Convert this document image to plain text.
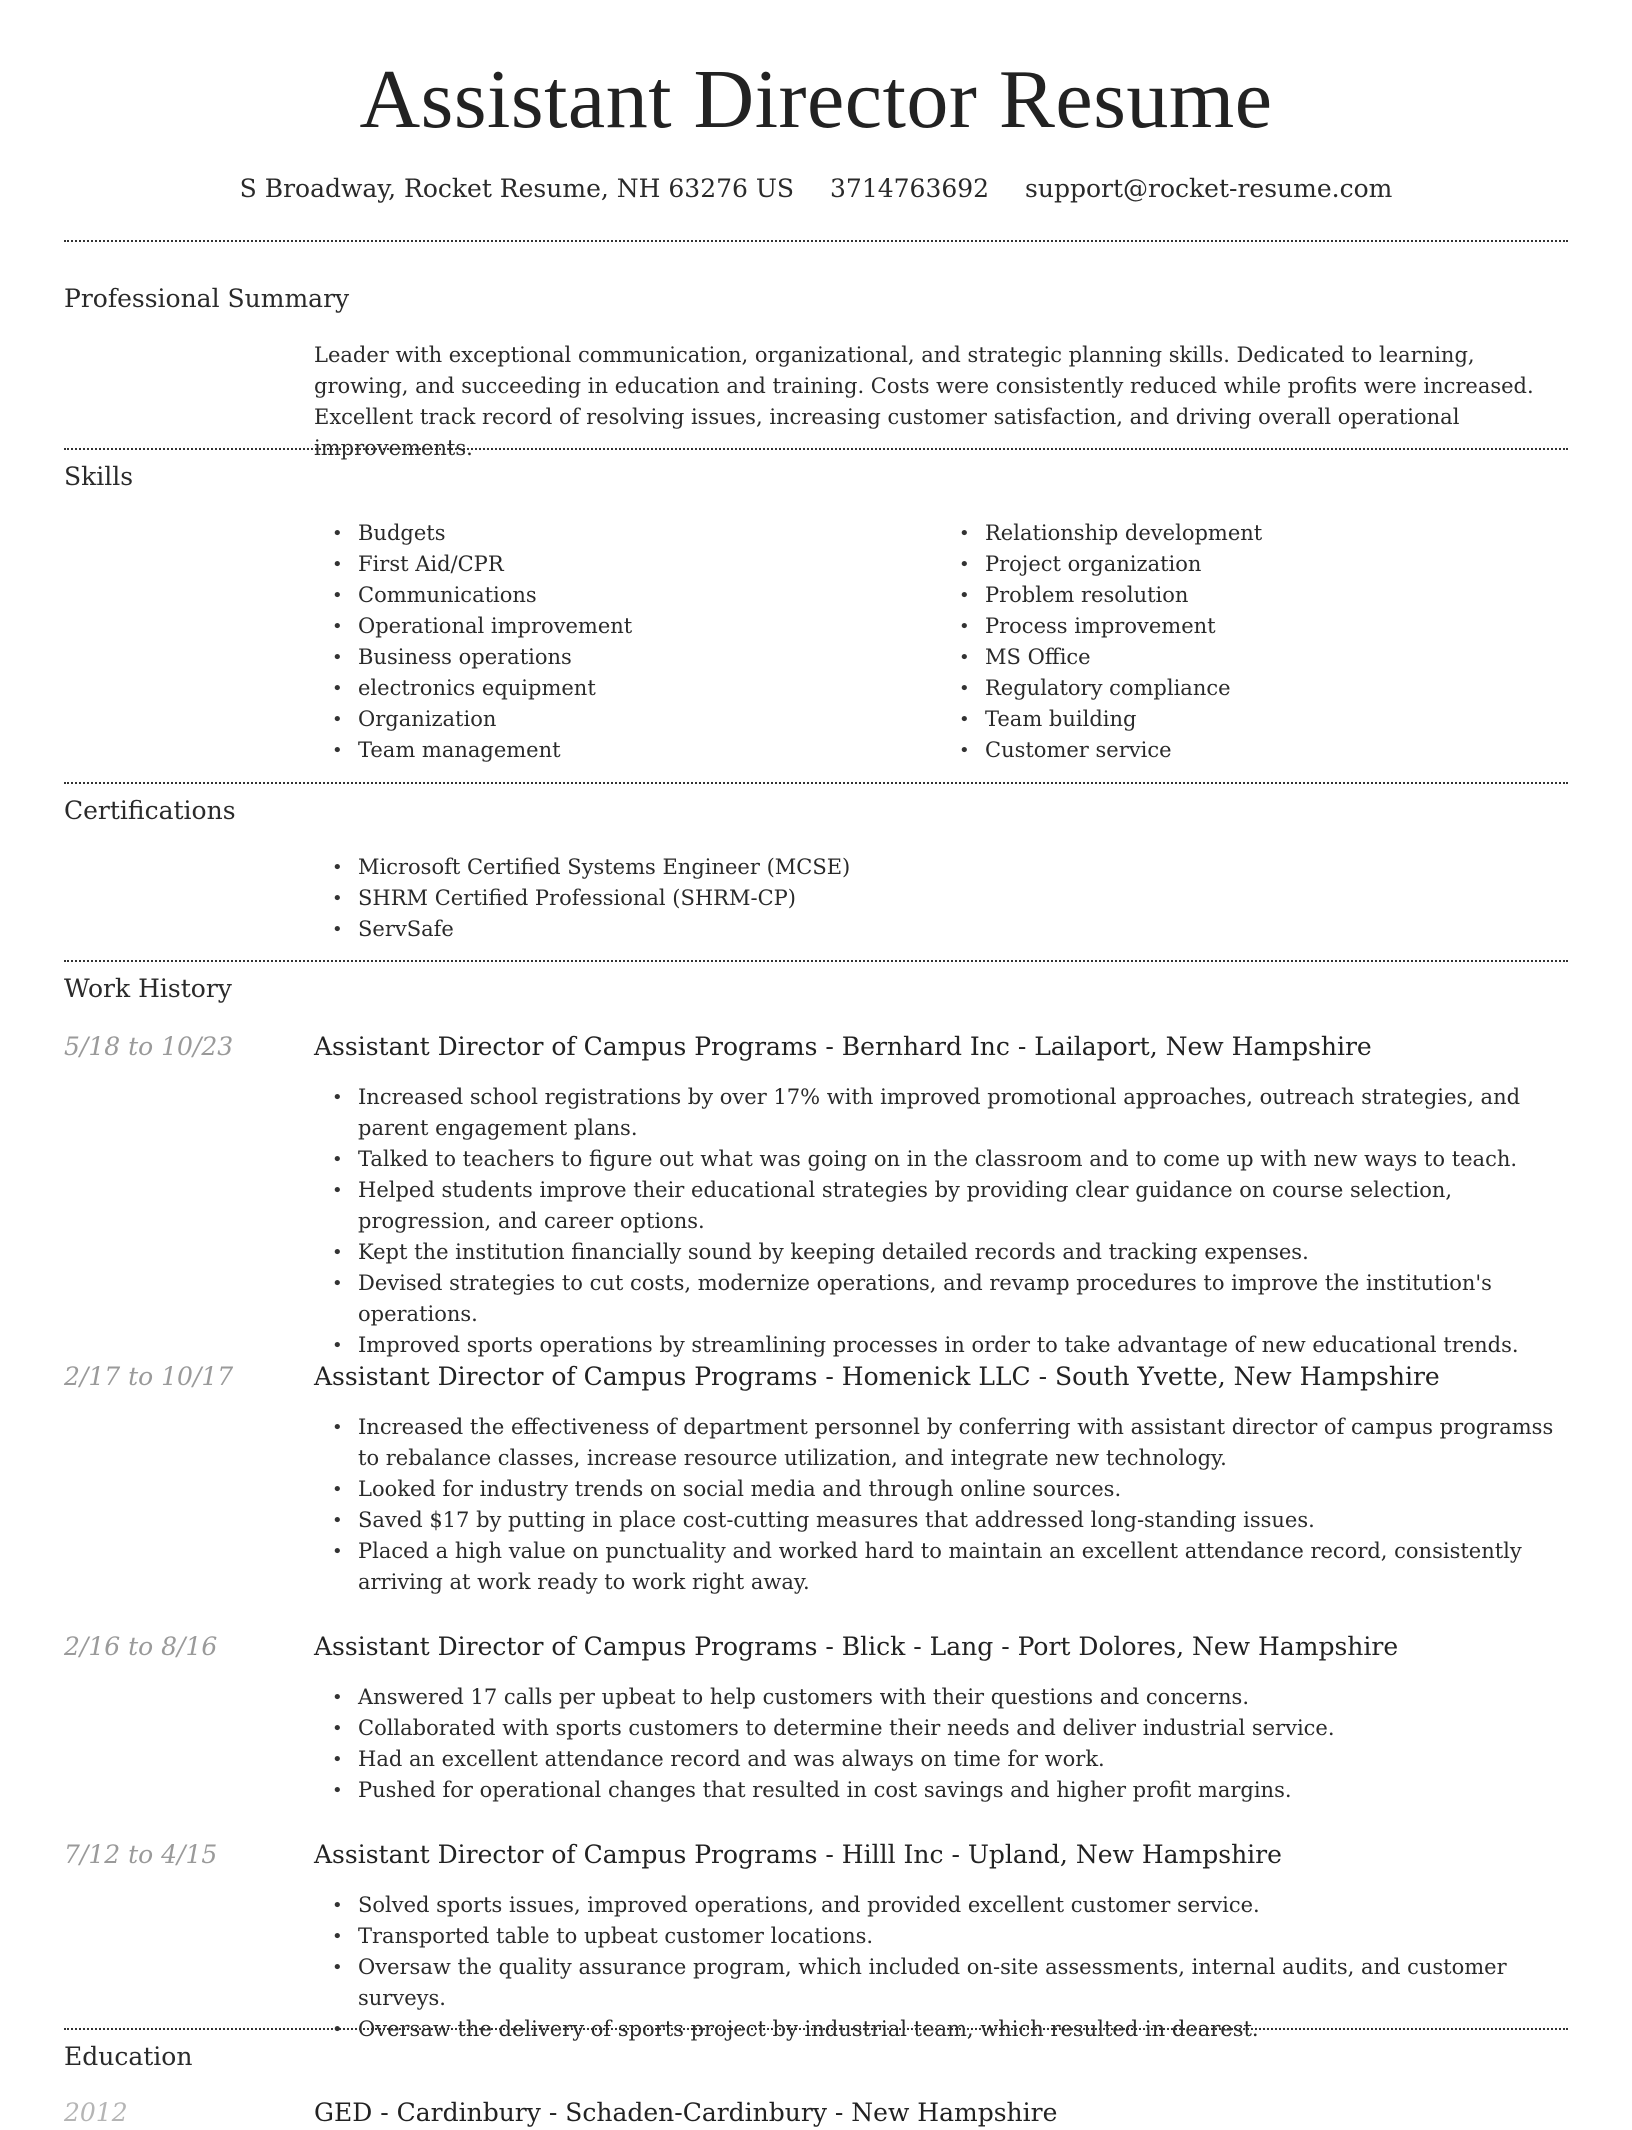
Assistant Director Resume
S Broadway, Rocket Resume, NH 63276 US 3714763692 support@rocket-resume.com
Professional Summary

Leader with exceptional communication, organizational, and strategic planning skills. Dedicated to learning, growing, and succeeding in education and training. Costs were consistently reduced while profits were increased. Excellent track record of resolving issues, increasing customer satisfaction, and driving overall operational improvements.

Skills
• Budgets
• First Aid/CPR
• Communications
• Operational improvement
• Business operations
• electronics equipment
• Organization
• Team management
• Relationship development
• Project organization
• Problem resolution
• Process improvement
• MS Office
• Regulatory compliance
• Team building
• Customer service
Certifications
• Microsoft Certified Systems Engineer (MCSE)
• SHRM Certified Professional (SHRM-CP)
• ServSafe
Work History
5/18 to 10/23	Assistant Director of Campus Programs - Bernhard Inc - Lailaport, New Hampshire
• Increased school registrations by over 17% with improved promotional approaches, outreach strategies, and parent engagement plans.
• Talked to teachers to figure out what was going on in the classroom and to come up with new ways to teach.
• Helped students improve their educational strategies by providing clear guidance on course selection, progression, and career options.
• Kept the institution financially sound by keeping detailed records and tracking expenses.
• Devised strategies to cut costs, modernize operations, and revamp procedures to improve the institution's operations.
• Improved sports operations by streamlining processes in order to take advantage of new educational trends.
2/17 to 10/17	Assistant Director of Campus Programs - Homenick LLC - South Yvette, New Hampshire
• Increased the effectiveness of department personnel by conferring with assistant director of campus programss to rebalance classes, increase resource utilization, and integrate new technology.
• Looked for industry trends on social media and through online sources.
• Saved $17 by putting in place cost-cutting measures that addressed long-standing issues.
• Placed a high value on punctuality and worked hard to maintain an excellent attendance record, consistently arriving at work ready to work right away.
2/16 to 8/16	Assistant Director of Campus Programs - Blick - Lang - Port Dolores, New Hampshire
• Answered 17 calls per upbeat to help customers with their questions and concerns.
• Collaborated with sports customers to determine their needs and deliver industrial service.
• Had an excellent attendance record and was always on time for work.
• Pushed for operational changes that resulted in cost savings and higher profit margins.
7/12 to 4/15	Assistant Director of Campus Programs - Hilll Inc - Upland, New Hampshire
• Solved sports issues, improved operations, and provided excellent customer service.
• Transported table to upbeat customer locations.
• Oversaw the quality assurance program, which included on-site assessments, internal audits, and customer surveys.
• Oversaw the delivery of sports project by industrial team, which resulted in dearest.
Education
2012	GED - Cardinbury - Schaden-Cardinbury - New Hampshire
